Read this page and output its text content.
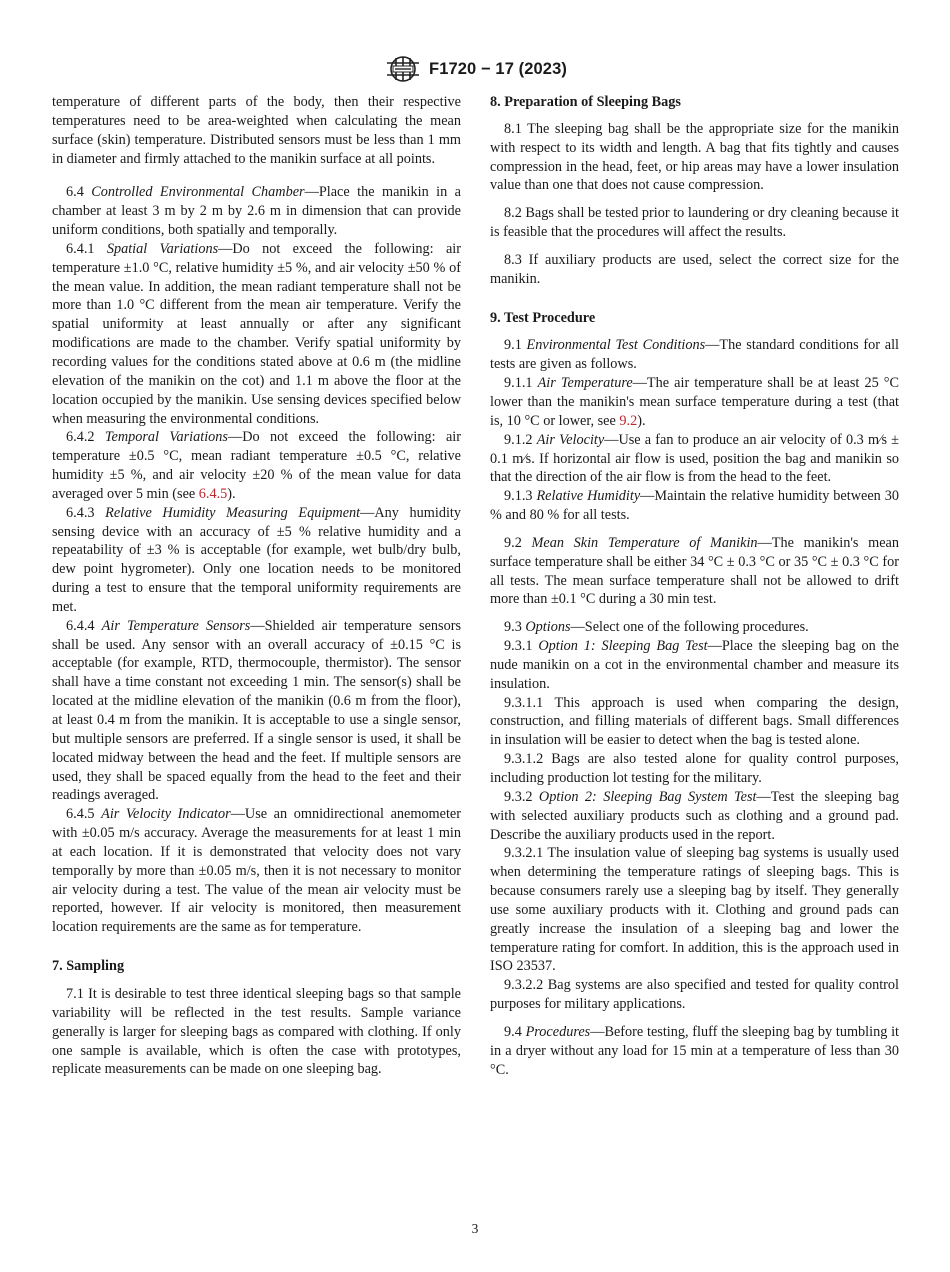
F1720 − 17 (2023)

temperature of different parts of the body, then their respective temperatures need to be area-weighted when calculating the mean surface (skin) temperature. Distributed sensors must be less than 1 mm in diameter and firmly attached to the manikin surface at all points.

6.4 Controlled Environmental Chamber—Place the manikin in a chamber at least 3 m by 2 m by 2.6 m in dimension that can provide uniform conditions, both spatially and temporally.

6.4.1 Spatial Variations—Do not exceed the following: air temperature ±1.0 °C, relative humidity ±5 %, and air velocity ±50 % of the mean value. In addition, the mean radiant temperature shall not be more than 1.0 °C different from the mean air temperature. Verify the spatial uniformity at least annually or after any significant modifications are made to the chamber. Verify spatial uniformity by recording values for the conditions stated above at 0.6 m (the midline elevation of the manikin on the cot) and 1.1 m above the floor at the location occupied by the manikin. Use sensing devices specified below when measuring the environmental conditions.

6.4.2 Temporal Variations—Do not exceed the following: air temperature ±0.5 °C, mean radiant temperature ±0.5 °C, relative humidity ±5 %, and air velocity ±20 % of the mean value for data averaged over 5 min (see 6.4.5).

6.4.3 Relative Humidity Measuring Equipment—Any humidity sensing device with an accuracy of ±5 % relative humidity and a repeatability of ±3 % is acceptable (for example, wet bulb/dry bulb, dew point hygrometer). Only one location needs to be monitored during a test to ensure that the temporal uniformity requirements are met.

6.4.4 Air Temperature Sensors—Shielded air temperature sensors shall be used. Any sensor with an overall accuracy of ±0.15 °C is acceptable (for example, RTD, thermocouple, thermistor). The sensor shall have a time constant not exceeding 1 min. The sensor(s) shall be located at the midline elevation of the manikin (0.6 m from the floor), at least 0.4 m from the manikin. It is acceptable to use a single sensor, but multiple sensors are preferred. If a single sensor is used, it shall be located midway between the head and the feet. If multiple sensors are used, they shall be spaced equally from the head to the feet and their readings averaged.

6.4.5 Air Velocity Indicator—Use an omnidirectional anemometer with ±0.05 m/s accuracy. Average the measurements for at least 1 min at each location. If it is demonstrated that velocity does not vary temporally by more than ±0.05 m/s, then it is not necessary to monitor air velocity during a test. The value of the mean air velocity must be reported, however. If air velocity is monitored, then measurement location requirements are the same as for temperature.

7. Sampling

7.1 It is desirable to test three identical sleeping bags so that sample variability will be reflected in the test results. Sample variance generally is larger for sleeping bags as compared with clothing. If only one sample is available, which is often the case with prototypes, replicate measurements can be made on one sleeping bag.

8. Preparation of Sleeping Bags

8.1 The sleeping bag shall be the appropriate size for the manikin with respect to its width and length. A bag that fits tightly and causes compression in the head, feet, or hip areas may have a lower insulation value than one that does not cause compression.

8.2 Bags shall be tested prior to laundering or dry cleaning because it is feasible that the procedures will affect the results.

8.3 If auxiliary products are used, select the correct size for the manikin.

9. Test Procedure

9.1 Environmental Test Conditions—The standard conditions for all tests are given as follows.

9.1.1 Air Temperature—The air temperature shall be at least 25 °C lower than the manikin's mean surface temperature during a test (that is, 10 °C or lower, see 9.2).

9.1.2 Air Velocity—Use a fan to produce an air velocity of 0.3 m⁄s ± 0.1 m⁄s. If horizontal air flow is used, position the bag and manikin so that the direction of the air flow is from the head to the feet.

9.1.3 Relative Humidity—Maintain the relative humidity between 30 % and 80 % for all tests.

9.2 Mean Skin Temperature of Manikin—The manikin's mean surface temperature shall be either 34 °C ± 0.3 °C or 35 °C ± 0.3 °C for all tests. The mean surface temperature shall not be allowed to drift more than ±0.1 °C during a 30 min test.

9.3 Options—Select one of the following procedures.

9.3.1 Option 1: Sleeping Bag Test—Place the sleeping bag on the nude manikin on a cot in the environmental chamber and measure its insulation.

9.3.1.1 This approach is used when comparing the design, construction, and filling materials of different bags. Small differences in insulation will be easier to detect when the bag is tested alone.

9.3.1.2 Bags are also tested alone for quality control purposes, including production lot testing for the military.

9.3.2 Option 2: Sleeping Bag System Test—Test the sleeping bag with selected auxiliary products such as clothing and a ground pad. Describe the auxiliary products used in the report.

9.3.2.1 The insulation value of sleeping bag systems is usually used when determining the temperature ratings of sleeping bags. This is because consumers rarely use a sleeping bag by itself. They generally use some auxiliary products with it. Clothing and ground pads can greatly increase the insulation of a sleeping bag and lower the temperature rating for comfort. In addition, this is the approach used in ISO 23537.

9.3.2.2 Bag systems are also specified and tested for quality control purposes for military applications.

9.4 Procedures—Before testing, fluff the sleeping bag by tumbling it in a dryer without any load for 15 min at a temperature of less than 30 °C.

3
